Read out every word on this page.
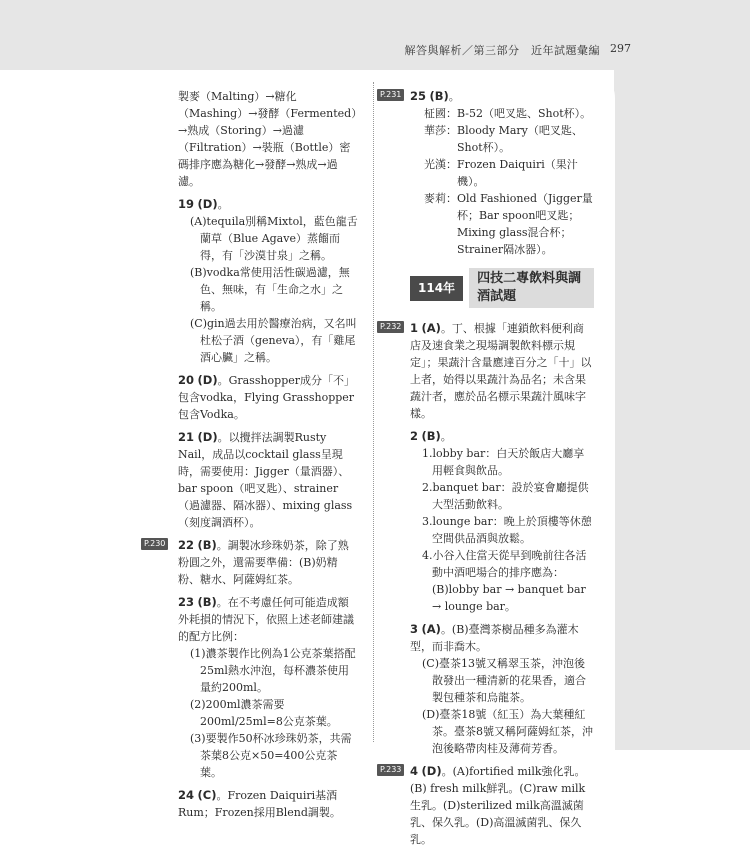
解答與解析／第三部分　近年試題彙編 297
製麥（Malting）→糖化（Mashing）→發酵（Fermented）→熟成（Storing）→過濾（Filtration）→裝瓶（Bottle）密碼排序應為糖化→發酵→熟成→過濾。
19 (D)。
(A)tequila別稱Mixtol，藍色龍舌蘭草（Blue Agave）蒸餾而得，有「沙漠甘泉」之稱。
(B)vodka常使用活性碳過濾，無色、無味，有「生命之水」之稱。
(C)gin過去用於醫療治病，又名叫杜松子酒（geneva），有「雞尾酒心臟」之稱。
20 (D)。Grasshopper成分「不」包含vodka，Flying Grasshopper包含Vodka。
21 (D)。以攪拌法調製Rusty Nail，成品以cocktail glass呈現時，需要使用：Jigger（量酒器）、bar spoon（吧叉匙）、strainer（過濾器、隔冰器）、mixing glass（刻度調酒杯）。
P.230 22 (B)。調製冰珍珠奶茶，除了熟粉圓之外，還需要準備：(B)奶精粉、糖水、阿薩姆紅茶。
23 (B)。在不考慮任何可能造成額外耗損的情況下，依照上述老師建議的配方比例：
(1)濃茶製作比例為1公克茶葉搭配25ml熱水沖泡，每杯濃茶使用量約200ml。
(2)200ml濃茶需要200ml/25ml=8公克茶葉。
(3)要製作50杯冰珍珠奶茶，共需茶葉8公克×50=400公克茶葉。
24 (C)。Frozen Daiquiri基酒Rum；Frozen採用Blend調製。
P.231 25 (B)。
柾國： B-52（吧叉匙、Shot杯）。
華莎： Bloody Mary（吧叉匙、Shot杯）。
光漢： Frozen Daiquiri（果汁機）。
麥莉： Old Fashioned（Jigger量杯；Bar spoon吧叉匙；Mixing glass混合杯；Strainer隔冰器）。
114年
四技二專飲料與調酒試題
P.232 1 (A)。丁、根據「連鎖飲料便利商店及速食業之現場調製飲料標示規定」；果蔬汁含量應達百分之「十」以上者，始得以果蔬汁為品名；未含果蔬汁者，應於品名標示果蔬汁風味字樣。
2 (B)。
1.lobby bar：白天於飯店大廳享用輕食與飲品。
2.banquet bar：設於宴會廳提供大型活動飲料。
3.lounge bar：晚上於頂樓等休憩空間供品酒與放鬆。
4.小谷入住當天從早到晚前往各活動中酒吧場合的排序應為：(B)lobby bar → banquet bar → lounge bar。
3 (A)。(B)臺灣茶樹品種多為灌木型，而非喬木。
(C)臺茶13號又稱翠玉茶，沖泡後散發出一種清新的花果香，適合製包種茶和烏龍茶。
(D)臺茶18號（紅玉）為大葉種紅茶。臺茶8號又稱阿薩姆紅茶，沖泡後略帶肉桂及薄荷芳香。
P.233 4 (D)。(A)fortified milk強化乳。(B) fresh milk鮮乳。(C)raw milk 生乳。(D)sterilized milk高溫滅菌乳、保久乳。(D)高溫滅菌乳、保久乳。
